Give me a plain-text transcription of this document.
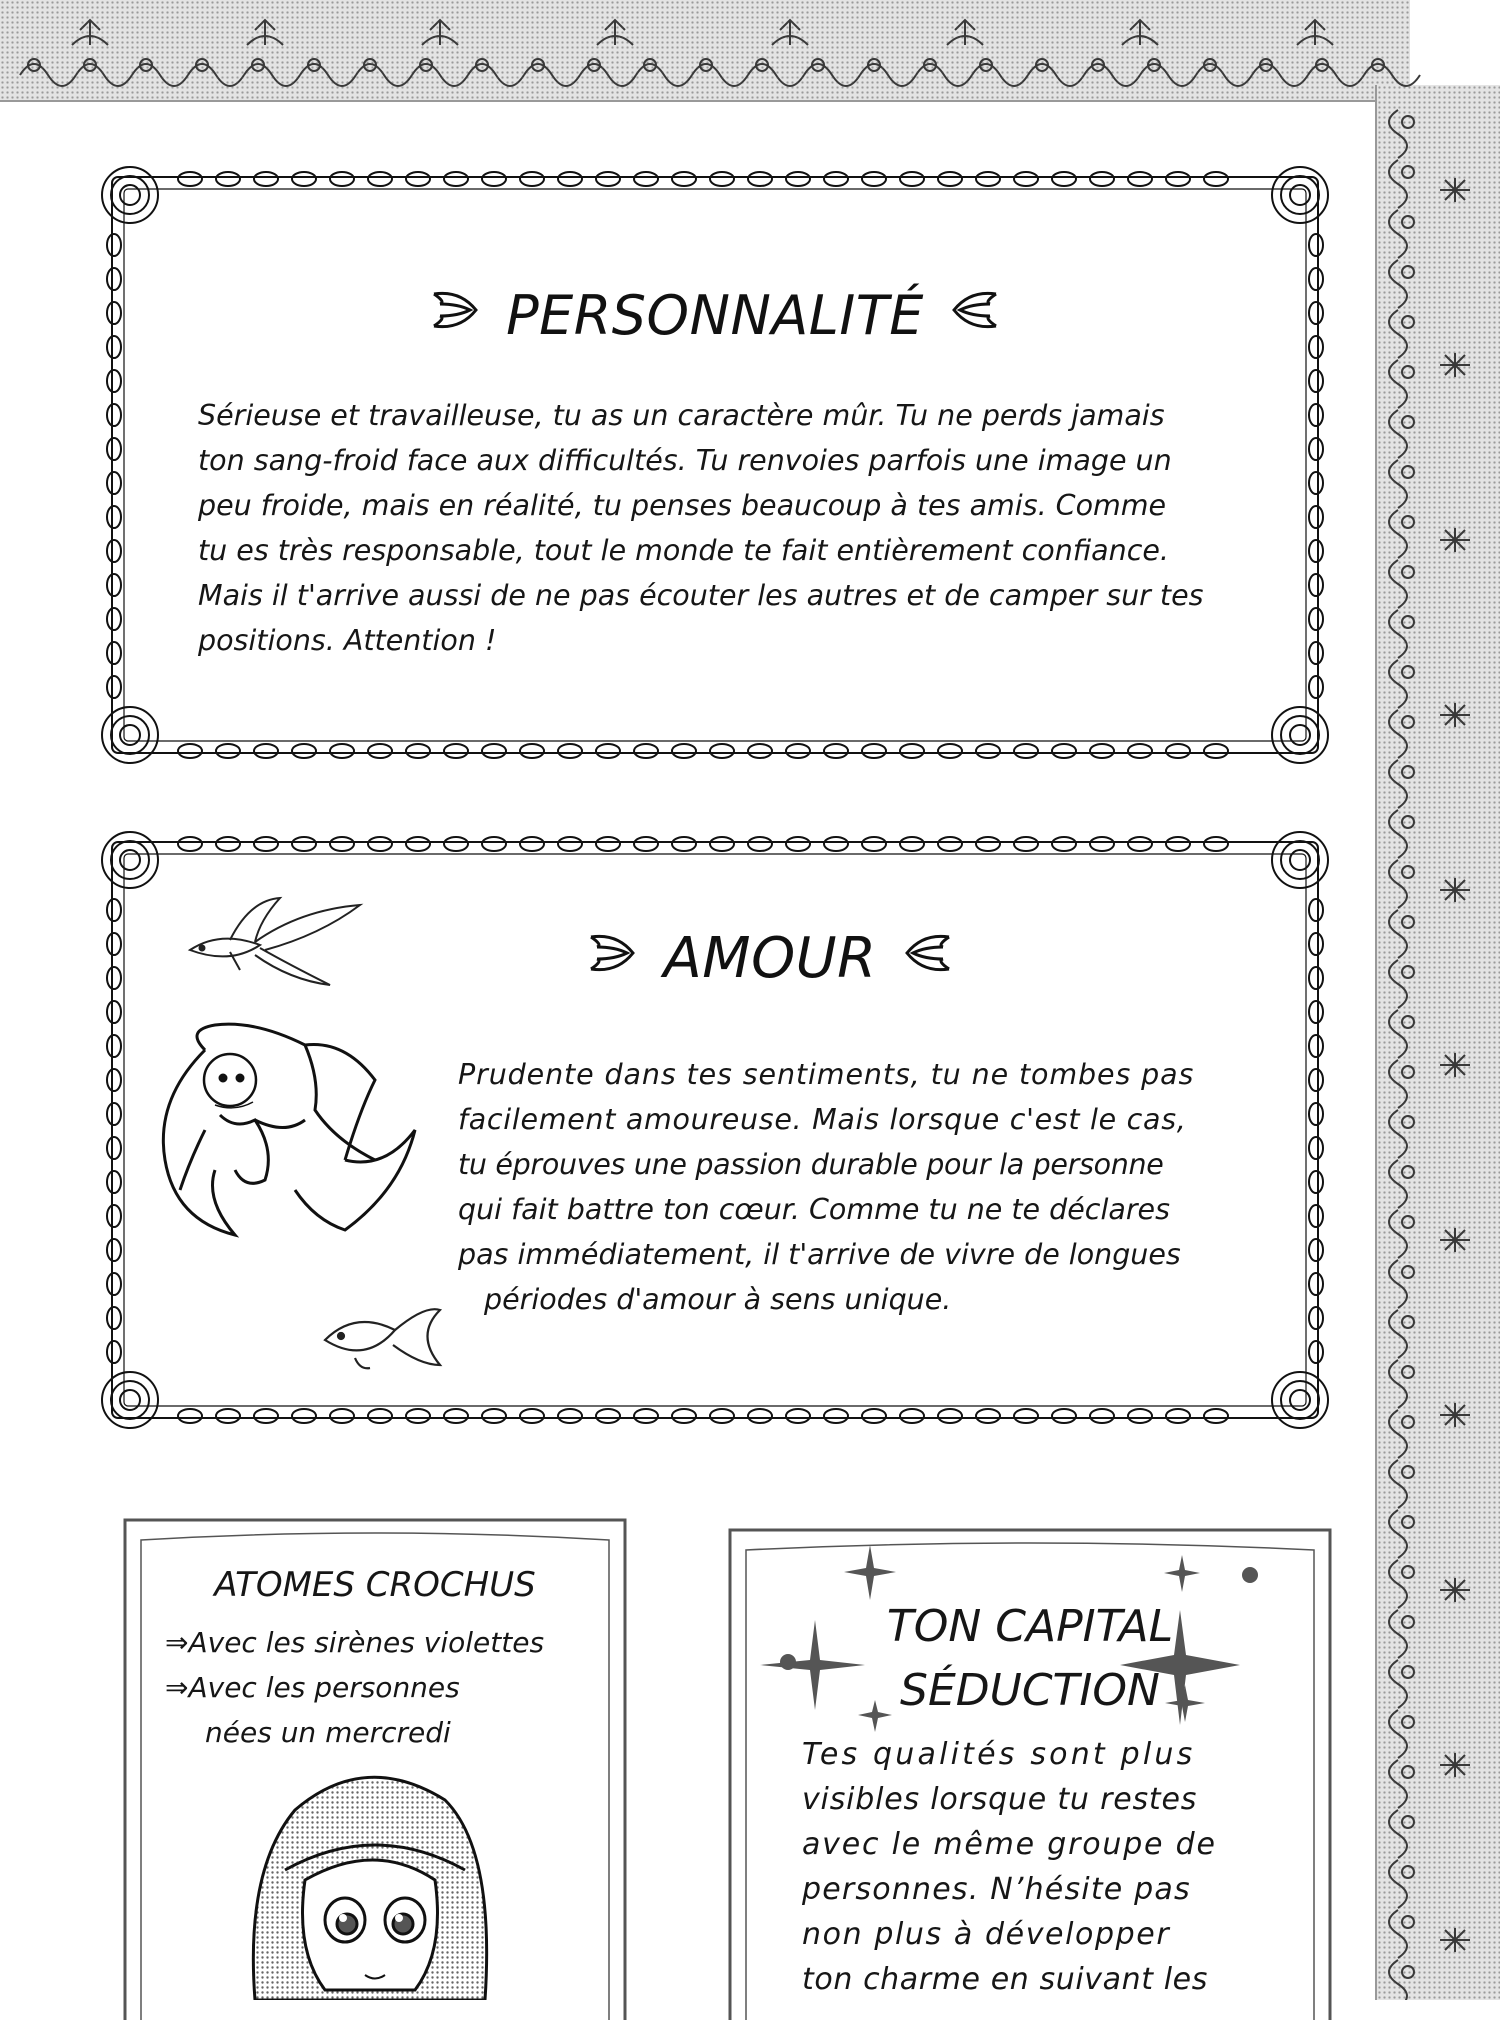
PERSONNALITÉ
Sérieuse et travailleuse, tu as un caractère mûr. Tu ne perds jamais
ton sang-froid face aux difficultés. Tu renvoies parfois une image un
peu froide, mais en réalité, tu penses beaucoup à tes amis. Comme
tu es très responsable, tout le monde te fait entièrement confiance.
Mais il t'arrive aussi de ne pas écouter les autres et de camper sur tes
positions. Attention !
AMOUR
Prudente dans tes sentiments, tu ne tombes pas
facilement amoureuse. Mais lorsque c'est le cas,
tu éprouves une passion durable pour la personne
qui fait battre ton cœur. Comme tu ne te déclares
pas immédiatement, il t'arrive de vivre de longues
périodes d'amour à sens unique.
ATOMES CROCHUS
⇒Avec les sirènes violettes
⇒Avec les personnes
nées un mercredi
TON CAPITAL
SÉDUCTION
Tes qualités sont plus
visibles lorsque tu restes
avec le même groupe de
personnes. N’hésite pas
non plus à développer
ton charme en suivant les
